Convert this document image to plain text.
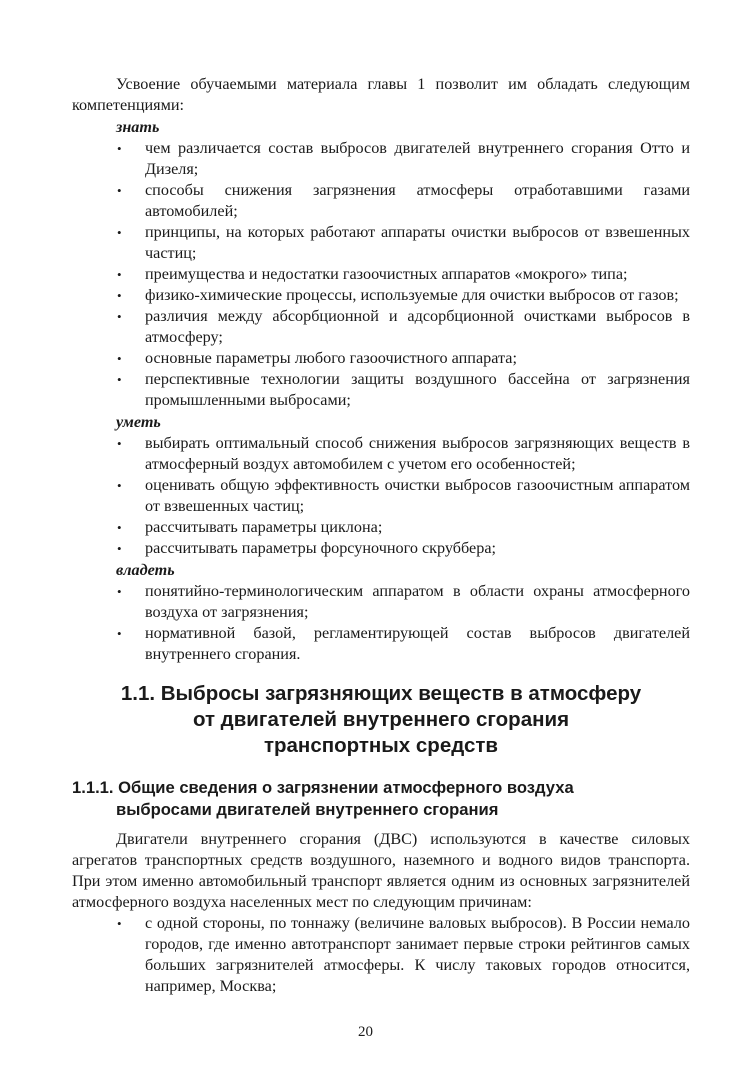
Усвоение обучаемыми материала главы 1 позволит им обладать следующим компетенциями:

знать
• чем различается состав выбросов двигателей внутреннего сгорания Отто и Дизеля;
• способы снижения загрязнения атмосферы отработавшими газами автомобилей;
• принципы, на которых работают аппараты очистки выбросов от взвешенных частиц;
• преимущества и недостатки газоочистных аппаратов «мокрого» типа;
• физико-химические процессы, используемые для очистки выбросов от газов;
• различия между абсорбционной и адсорбционной очистками выбросов в атмосферу;
• основные параметры любого газоочистного аппарата;
• перспективные технологии защиты воздушного бассейна от загрязнения промышленными выбросами;
уметь
• выбирать оптимальный способ снижения выбросов загрязняющих веществ в атмосферный воздух автомобилем с учетом его особенностей;
• оценивать общую эффективность очистки выбросов газоочистным аппаратом от взвешенных частиц;
• рассчитывать параметры циклона;
• рассчитывать параметры форсуночного скруббера;
владеть
• понятийно-терминологическим аппаратом в области охраны атмосферного воздуха от загрязнения;
• нормативной базой, регламентирующей состав выбросов двигателей внутреннего сгорания.
1.1. Выбросы загрязняющих веществ в атмосферу
от двигателей внутреннего сгорания
транспортных средств
1.1.1. Общие сведения о загрязнении атмосферного воздуха
выбросами двигателей внутреннего сгорания

Двигатели внутреннего сгорания (ДВС) используются в качестве силовых агрегатов транспортных средств воздушного, наземного и водного видов транспорта. При этом именно автомобильный транспорт является одним из основных загрязнителей атмосферного воздуха населенных мест по следующим причинам:

• с одной стороны, по тоннажу (величине валовых выбросов). В России немало городов, где именно автотранспорт занимает первые строки рейтингов самых больших загрязнителей атмосферы. К числу таковых городов относится, например, Москва;
20
